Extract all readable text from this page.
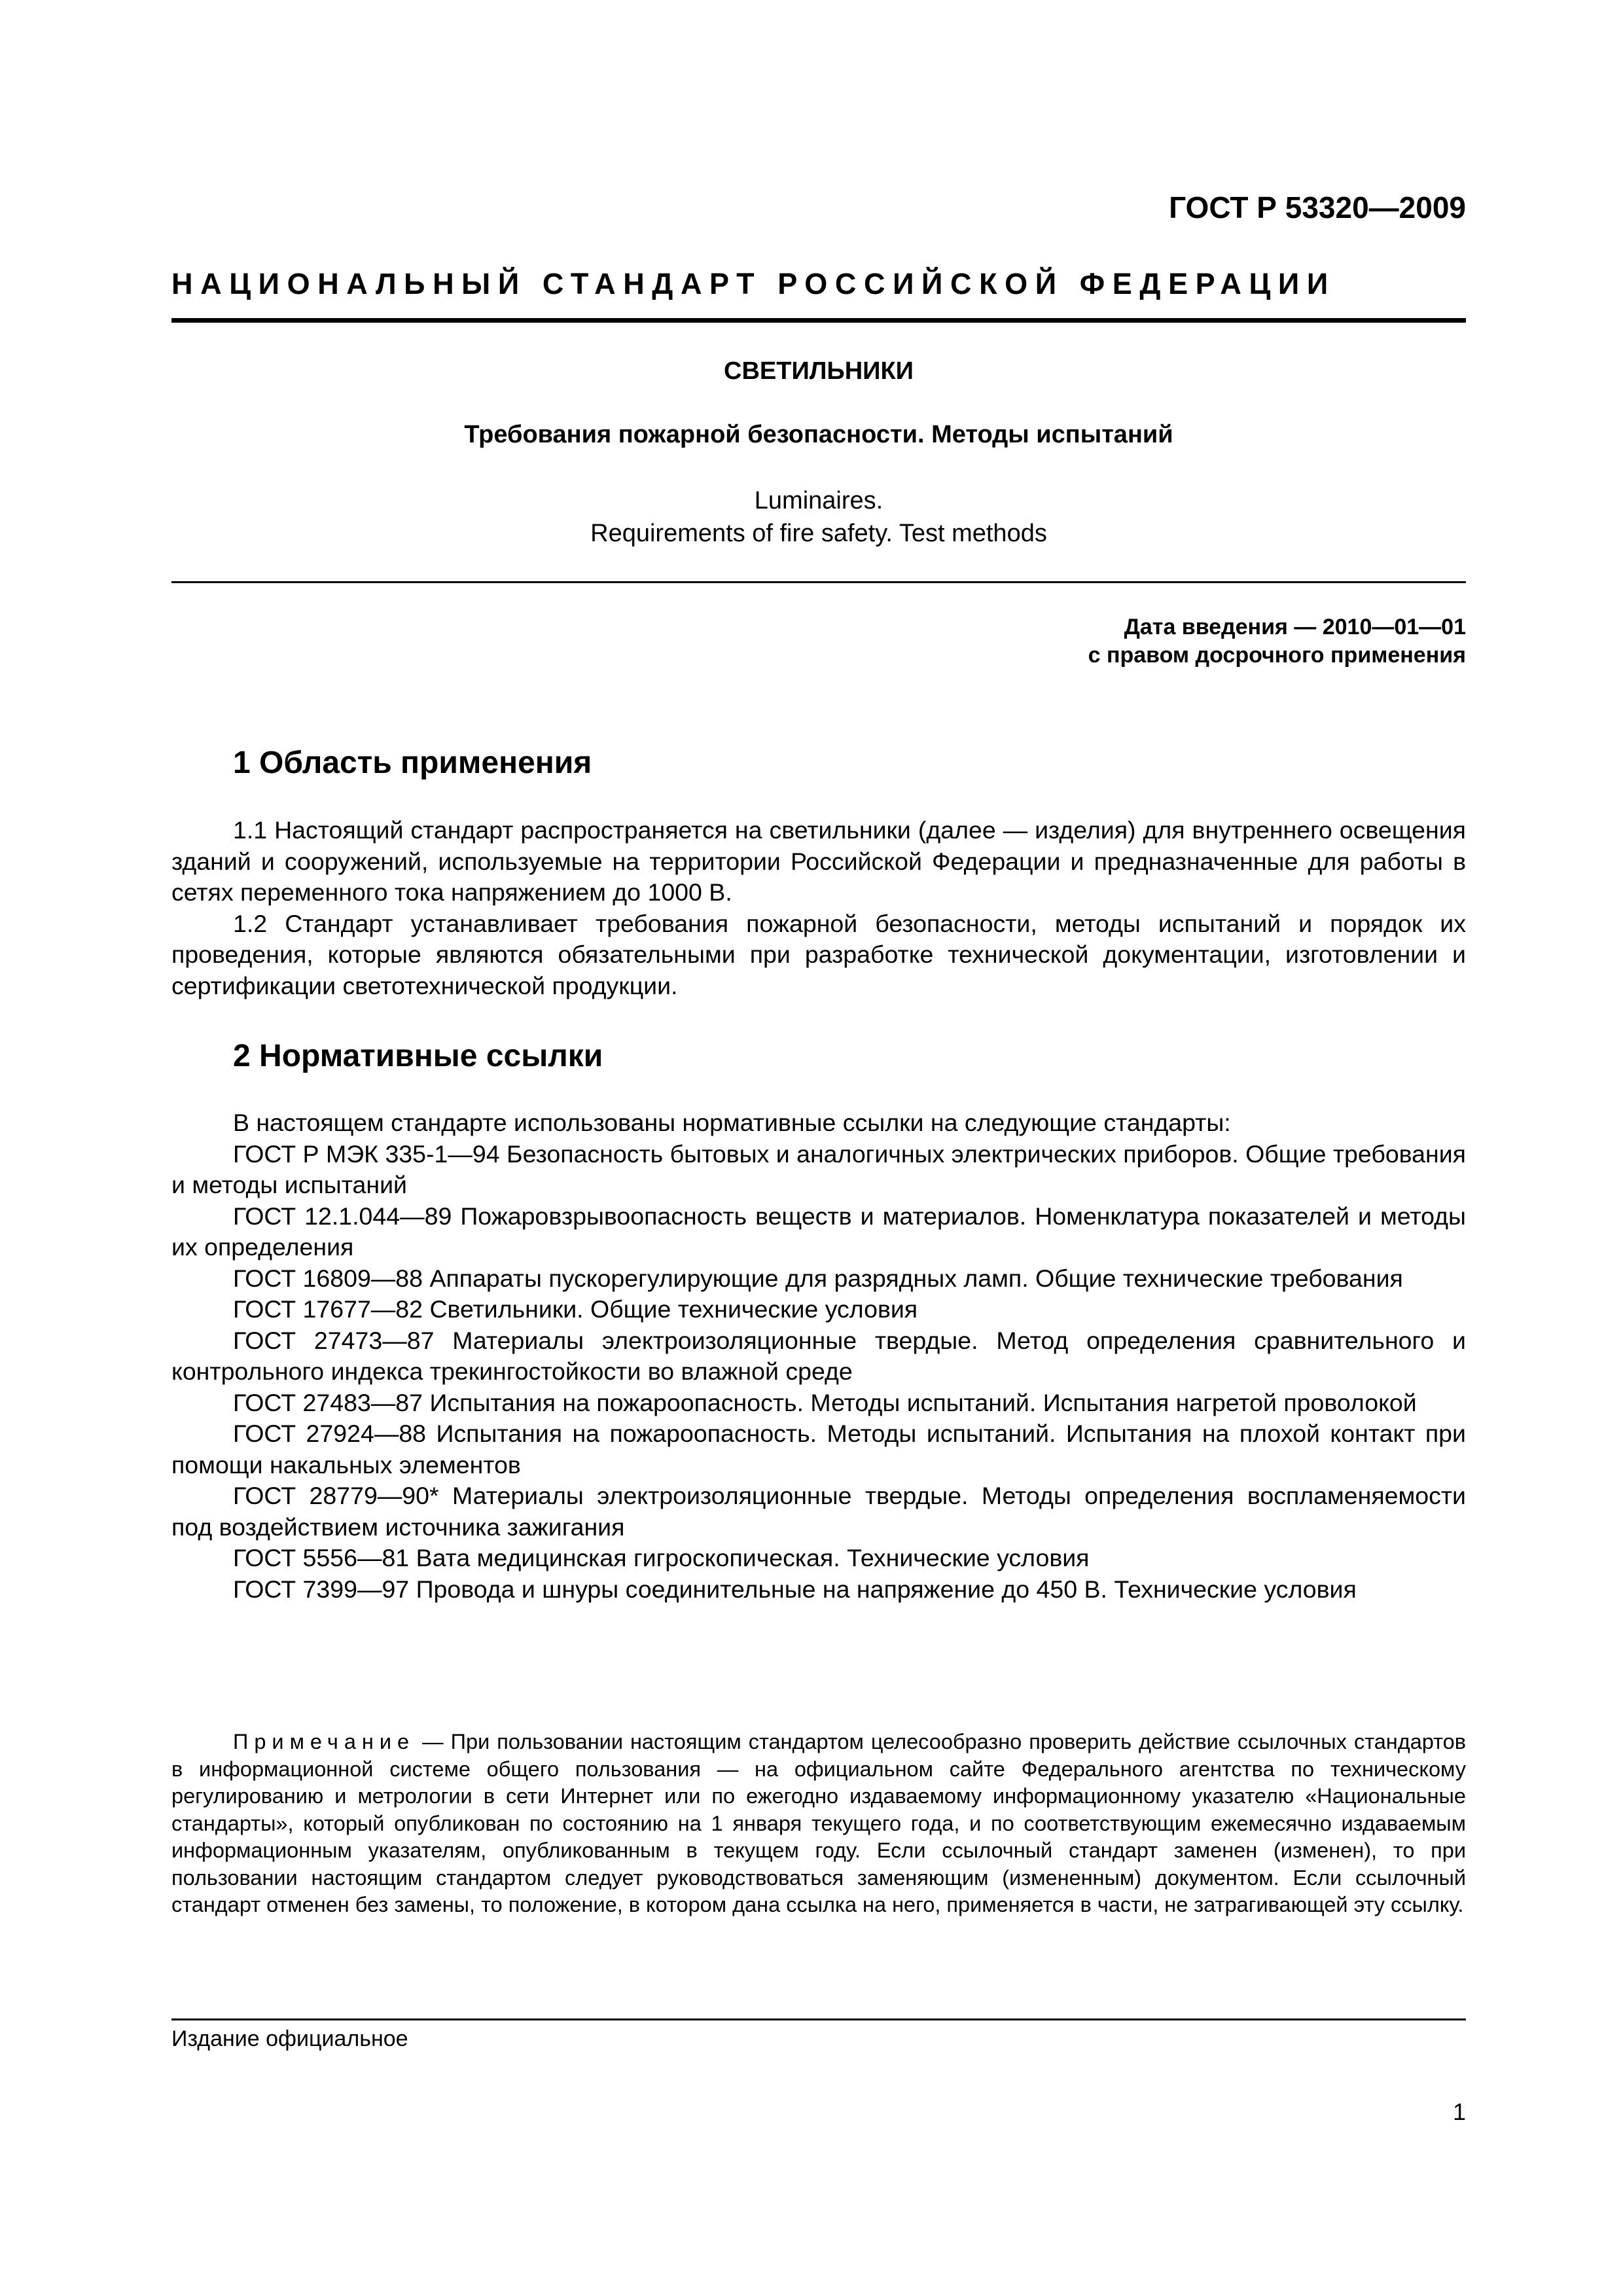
ГОСТ Р 53320—2009
НАЦИОНАЛЬНЫЙ СТАНДАРТ РОССИЙСКОЙ ФЕДЕРАЦИИ
СВЕТИЛЬНИКИ
Требования пожарной безопасности. Методы испытаний
Luminaires.
Requirements of fire safety. Test methods
Дата введения — 2010—01—01
с правом досрочного применения
1 Область применения

1.1 Настоящий стандарт распространяется на светильники (далее — изделия) для внутреннего освещения зданий и сооружений, используемые на территории Российской Федерации и предназначенные для работы в сетях переменного тока напряжением до 1000 В.

1.2 Стандарт устанавливает требования пожарной безопасности, методы испытаний и порядок их проведения, которые являются обязательными при разработке технической документации, изготовлении и сертификации светотехнической продукции.

2 Нормативные ссылки

В настоящем стандарте использованы нормативные ссылки на следующие стандарты:

ГОСТ Р МЭК 335-1—94 Безопасность бытовых и аналогичных электрических приборов. Общие требования и методы испытаний

ГОСТ 12.1.044—89 Пожаровзрывоопасность веществ и материалов. Номенклатура показателей и методы их определения

ГОСТ 16809—88 Аппараты пускорегулирующие для разрядных ламп. Общие технические требования

ГОСТ 17677—82 Светильники. Общие технические условия

ГОСТ 27473—87 Материалы электроизоляционные твердые. Метод определения сравнительного и контрольного индекса трекингостойкости во влажной среде

ГОСТ 27483—87 Испытания на пожароопасность. Методы испытаний. Испытания нагретой проволокой

ГОСТ 27924—88 Испытания на пожароопасность. Методы испытаний. Испытания на плохой контакт при помощи накальных элементов

ГОСТ 28779—90* Материалы электроизоляционные твердые. Методы определения воспламеняемости под воздействием источника зажигания

ГОСТ 5556—81 Вата медицинская гигроскопическая. Технические условия

ГОСТ 7399—97 Провода и шнуры соединительные на напряжение до 450 В. Технические условия

Примечание — При пользовании настоящим стандартом целесообразно проверить действие ссылочных стандартов в информационной системе общего пользования — на официальном сайте Федерального агентства по техническому регулированию и метрологии в сети Интернет или по ежегодно издаваемому информационному указателю «Национальные стандарты», который опубликован по состоянию на 1 января текущего года, и по соответствующим ежемесячно издаваемым информационным указателям, опубликованным в текущем году. Если ссылочный стандарт заменен (изменен), то при пользовании настоящим стандартом следует руководствоваться заменяющим (измененным) документом. Если ссылочный стандарт отменен без замены, то положение, в котором дана ссылка на него, применяется в части, не затрагивающей эту ссылку.
Издание официальное
1
